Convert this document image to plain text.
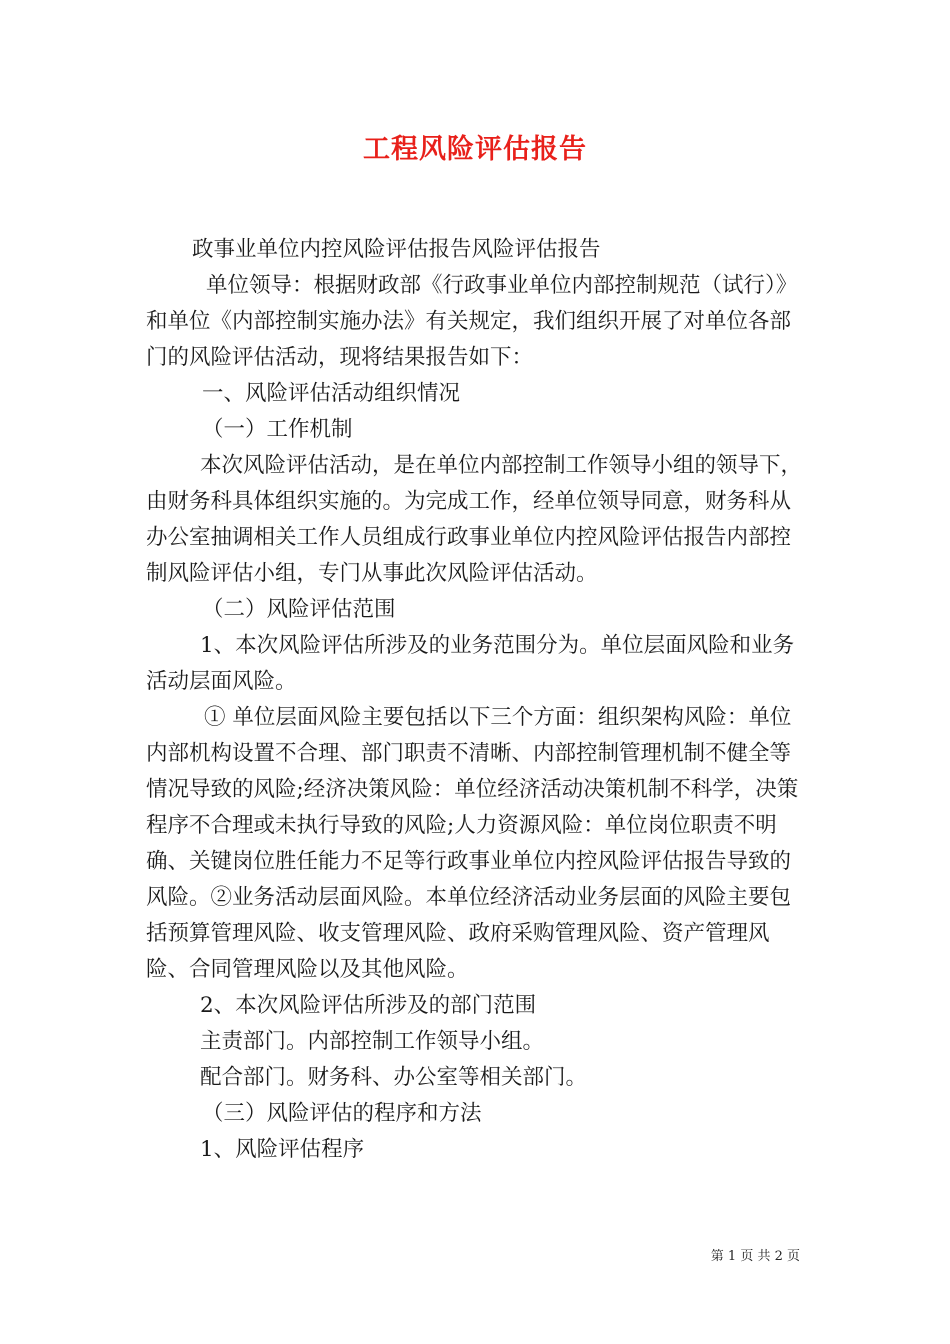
工程风险评估报告

政事业单位内控风险评估报告风险评估报告

单位领导：根据财政部《行政事业单位内部控制规范（试行）》和单位《内部控制实施办法》有关规定，我们组织开展了对单位各部门的风险评估活动，现将结果报告如下：

一、风险评估活动组织情况

（一）工作机制

本次风险评估活动，是在单位内部控制工作领导小组的领导下，由财务科具体组织实施的。为完成工作，经单位领导同意，财务科从办公室抽调相关工作人员组成行政事业单位内控风险评估报告内部控制风险评估小组，专门从事此次风险评估活动。

（二）风险评估范围

1、本次风险评估所涉及的业务范围分为。单位层面风险和业务活动层面风险。

① 单位层面风险主要包括以下三个方面：组织架构风险：单位内部机构设置不合理、部门职责不清晰、内部控制管理机制不健全等情况导致的风险;经济决策风险：单位经济活动决策机制不科学，决策程序不合理或未执行导致的风险;人力资源风险：单位岗位职责不明确、关键岗位胜任能力不足等行政事业单位内控风险评估报告导致的风险。②业务活动层面风险。本单位经济活动业务层面的风险主要包括预算管理风险、收支管理风险、政府采购管理风险、资产管理风险、合同管理风险以及其他风险。

2、本次风险评估所涉及的部门范围

主责部门。内部控制工作领导小组。

配合部门。财务科、办公室等相关部门。

（三）风险评估的程序和方法

1、风险评估程序

第 1 页 共 2 页
